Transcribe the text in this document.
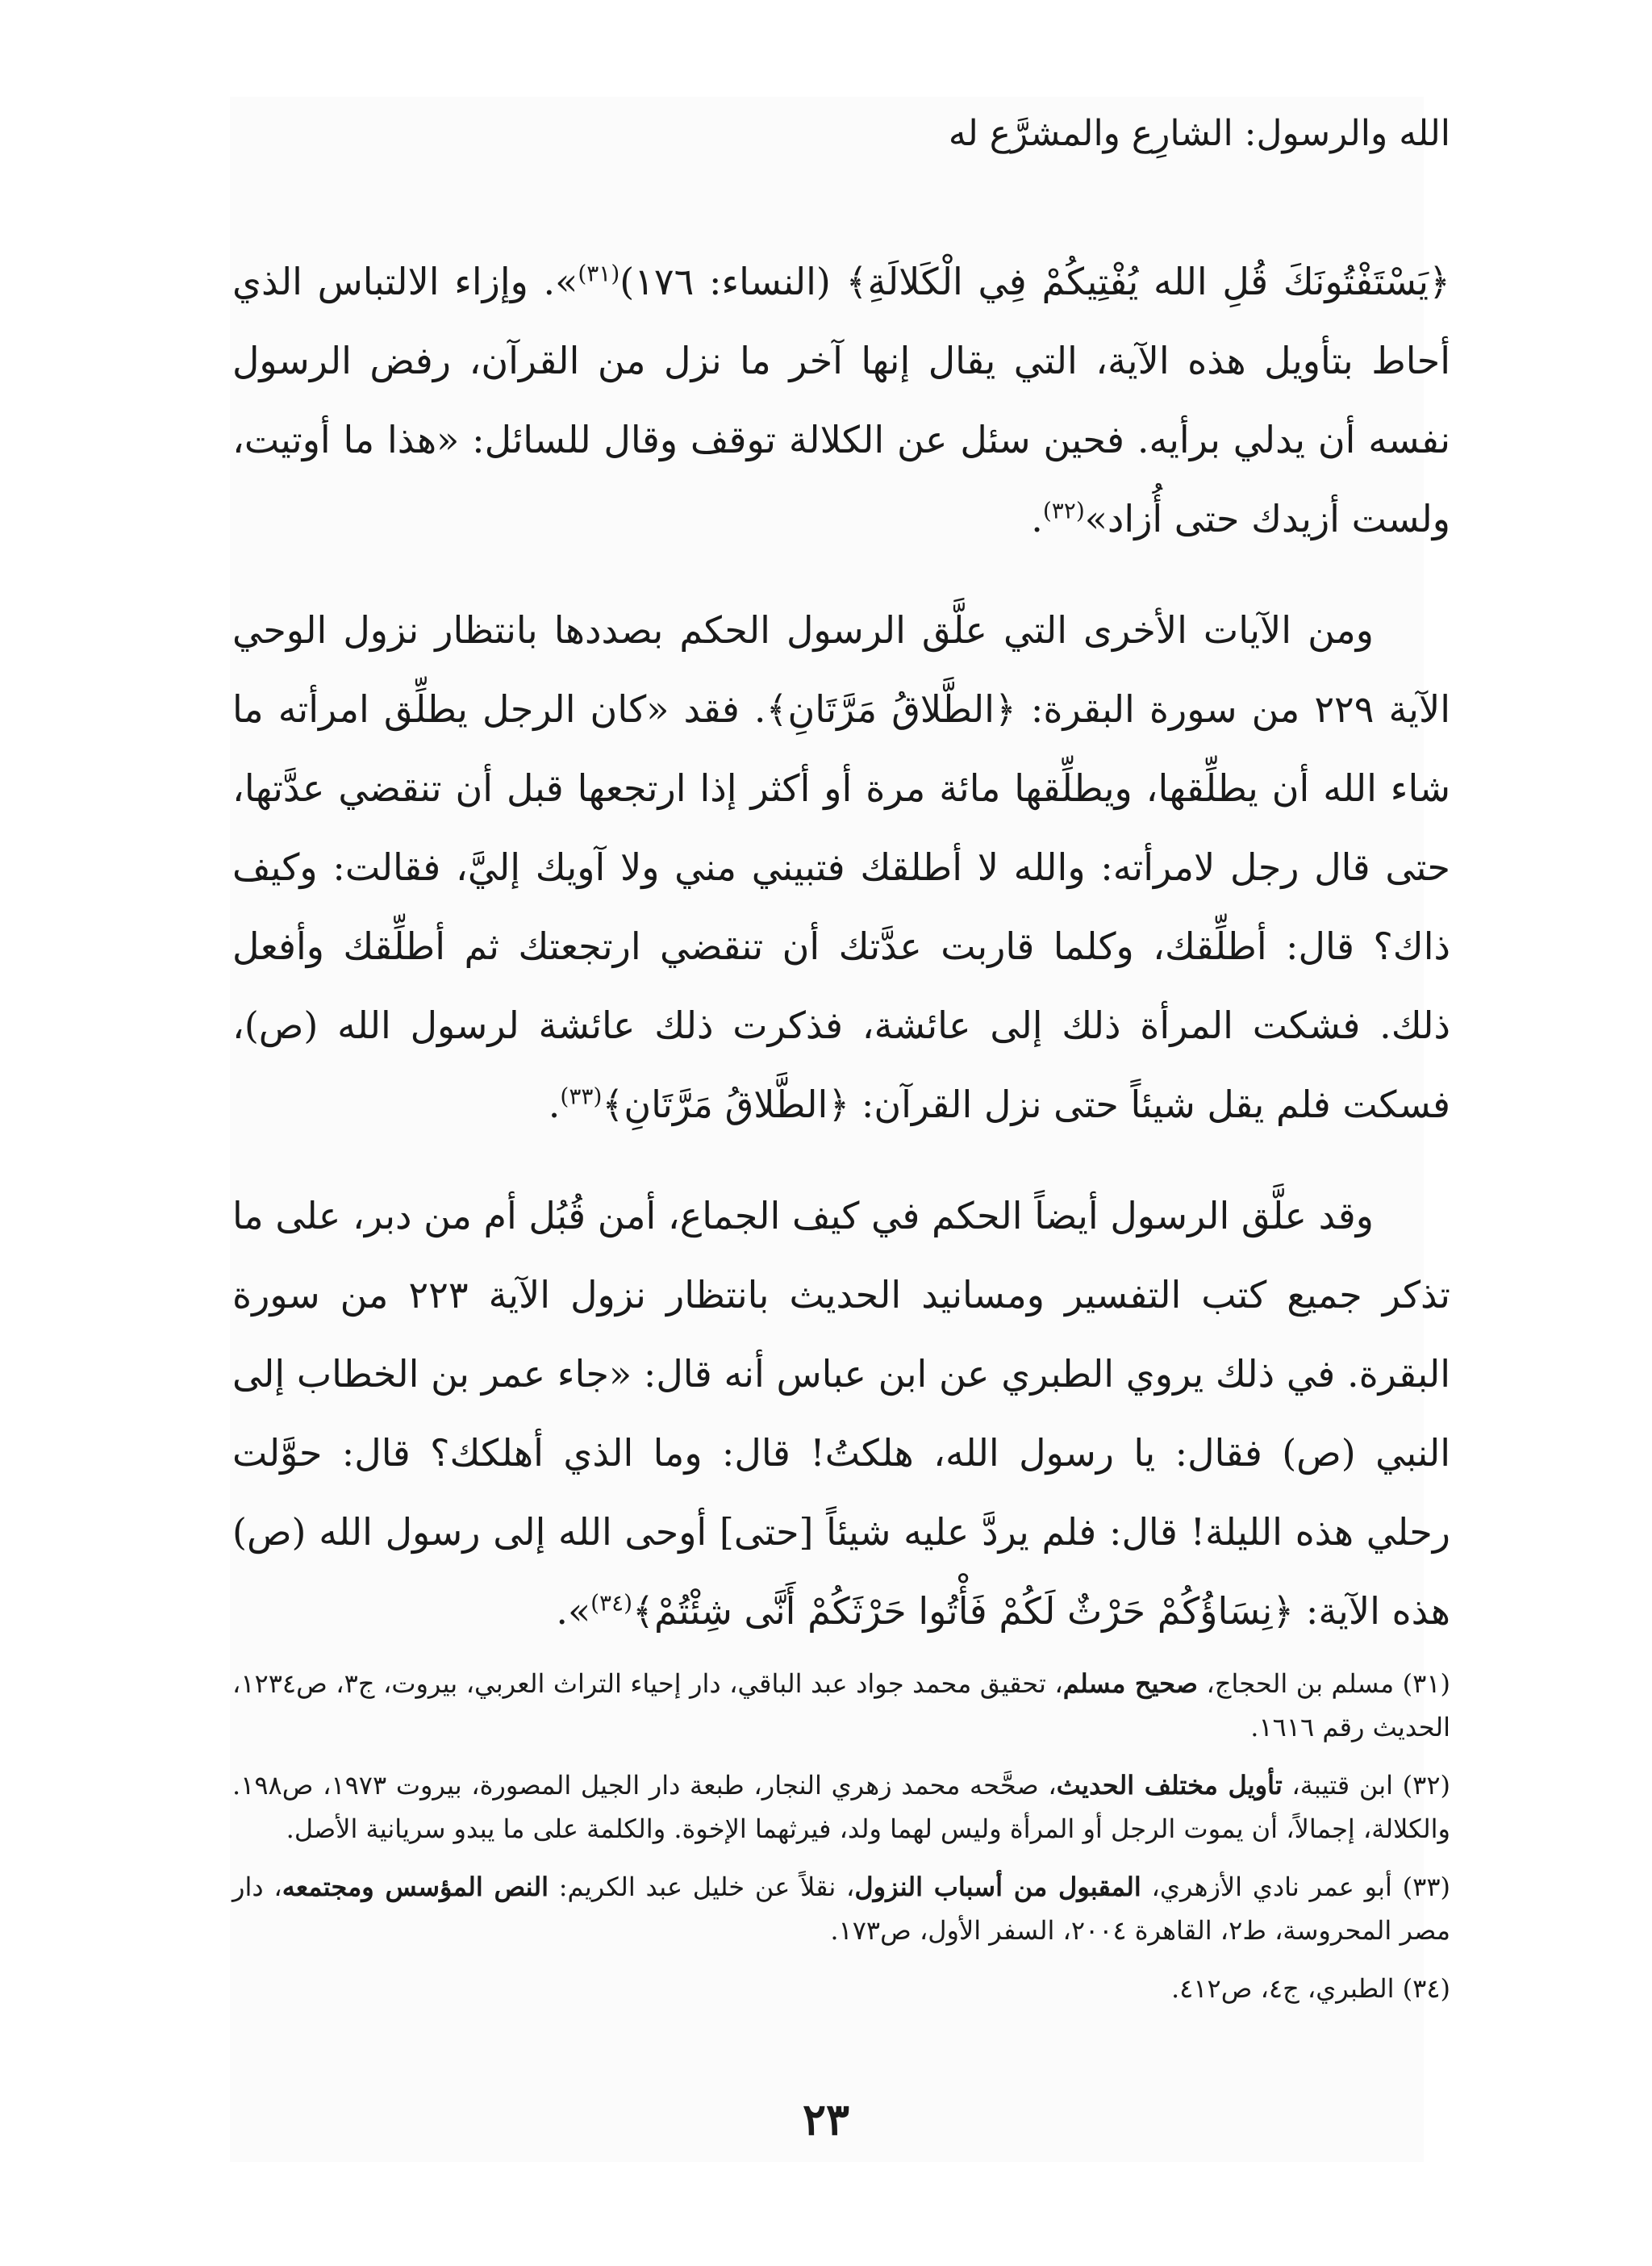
الله والرسول: الشارِع والمشرَّع له

﴿يَسْتَفْتُونَكَ قُلِ الله يُفْتِيكُمْ فِي الْكَلالَةِ﴾ (النساء: ١٧٦)$^{(٣١)}$». وإزاء الالتباس الذي أحاط بتأويل هذه الآية، التي يقال إنها آخر ما نزل من القرآن، رفض الرسول نفسه أن يدلي برأيه. فحين سئل عن الكلالة توقف وقال للسائل: «هذا ما أوتيت، ولست أزيدك حتى أُزاد»$^{(٣٢)}$.

ومن الآيات الأخرى التي علَّق الرسول الحكم بصددها بانتظار نزول الوحي الآية ٢٢٩ من سورة البقرة: ﴿الطَّلاقُ مَرَّتَانِ﴾. فقد «كان الرجل يطلِّق امرأته ما شاء الله أن يطلِّقها، ويطلِّقها مائة مرة أو أكثر إذا ارتجعها قبل أن تنقضي عدَّتها، حتى قال رجل لامرأته: والله لا أطلقك فتبيني مني ولا آويك إليَّ، فقالت: وكيف ذاك؟ قال: أطلِّقك، وكلما قاربت عدَّتك أن تنقضي ارتجعتك ثم أطلِّقك وأفعل ذلك. فشكت المرأة ذلك إلى عائشة، فذكرت ذلك عائشة لرسول الله (ص)، فسكت فلم يقل شيئاً حتى نزل القرآن: ﴿الطَّلاقُ مَرَّتَانِ﴾$^{(٣٣)}$.

وقد علَّق الرسول أيضاً الحكم في كيف الجماع، أمن قُبُل أم من دبر، على ما تذكر جميع كتب التفسير ومسانيد الحديث بانتظار نزول الآية ٢٢٣ من سورة البقرة. في ذلك يروي الطبري عن ابن عباس أنه قال: «جاء عمر بن الخطاب إلى النبي (ص) فقال: يا رسول الله، هلكتُ! قال: وما الذي أهلكك؟ قال: حوَّلت رحلي هذه الليلة! قال: فلم يردَّ عليه شيئاً [حتى] أوحى الله إلى رسول الله (ص) هذه الآية: ﴿نِسَاؤُكُمْ حَرْثٌ لَكُمْ فَأْتُوا حَرْثَكُمْ أَنَّى شِئْتُمْ﴾$^{(٣٤)}$».

(٣١) مسلم بن الحجاج، صحيح مسلم، تحقيق محمد جواد عبد الباقي، دار إحياء التراث العربي، بيروت، ج٣، ص١٢٣٤، الحديث رقم ١٦١٦.

(٣٢) ابن قتيبة، تأويل مختلف الحديث، صحَّحه محمد زهري النجار، طبعة دار الجيل المصورة، بيروت ١٩٧٣، ص١٩٨. والكلالة، إجمالاً، أن يموت الرجل أو المرأة وليس لهما ولد، فيرثهما الإخوة. والكلمة على ما يبدو سريانية الأصل.

(٣٣) أبو عمر نادي الأزهري، المقبول من أسباب النزول، نقلاً عن خليل عبد الكريم: النص المؤسس ومجتمعه، دار مصر المحروسة، ط٢، القاهرة ٢٠٠٤، السفر الأول، ص١٧٣.

(٣٤) الطبري، ج٤، ص٤١٢.

٢٣
